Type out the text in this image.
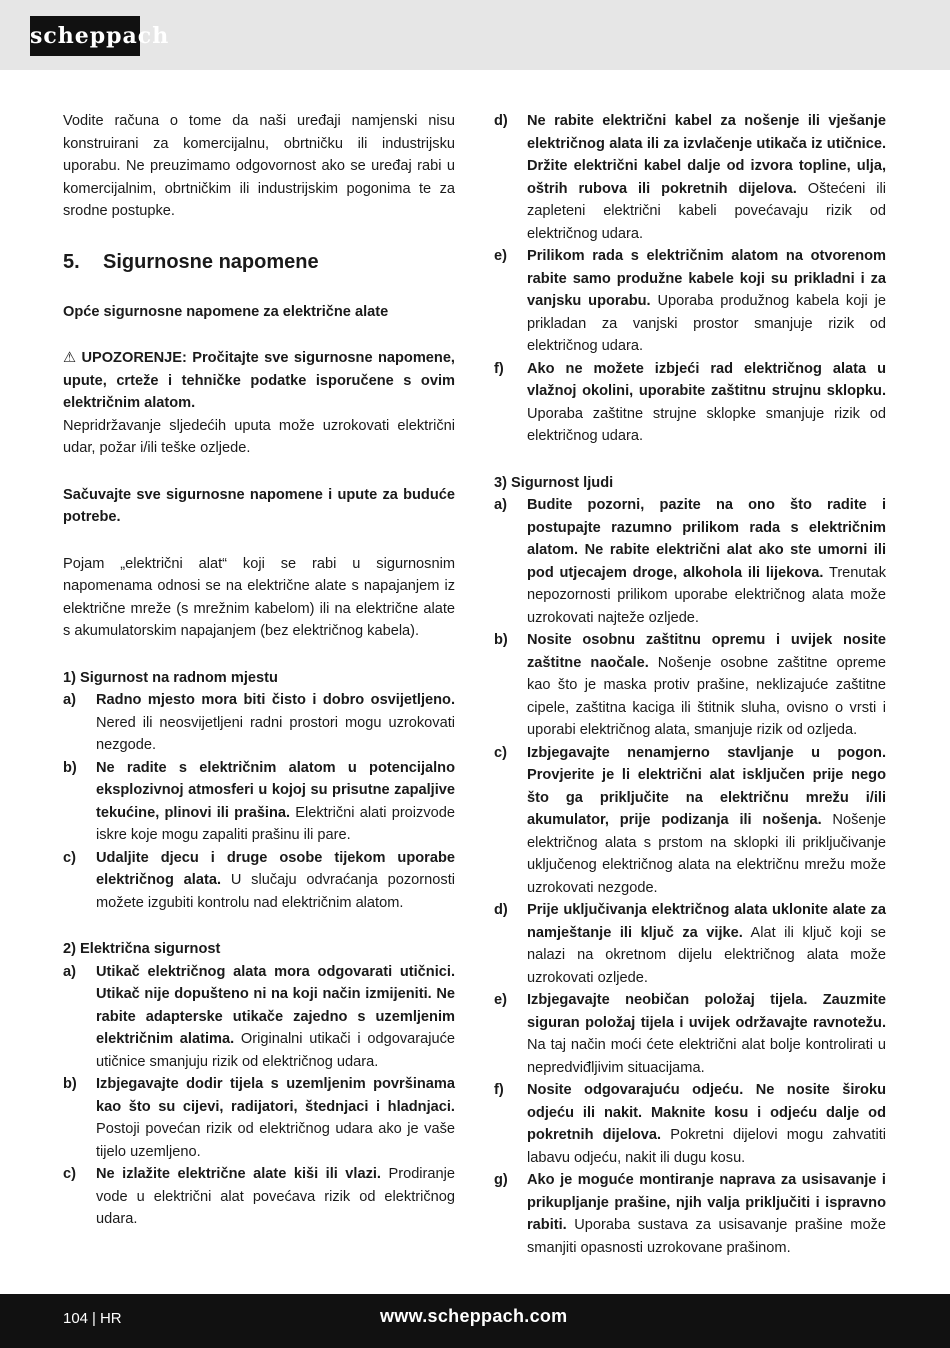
scheppach

Vodite računa o tome da naši uređaji namjenski nisu konstruirani za komercijalnu, obrtničku ili industrijsku uporabu. Ne preuzimamo odgovornost ako se uređaj rabi u komercijalnim, obrtničkim ili industrijskim pogonima te za srodne postupke.

5. Sigurnosne napomene

Opće sigurnosne napomene za električne alate

⚠ UPOZORENJE: Pročitajte sve sigurnosne napomene, upute, crteže i tehničke podatke isporučene s ovim električnim alatom.

Nepridržavanje sljedećih uputa može uzrokovati električni udar, požar i/ili teške ozljede.

Sačuvajte sve sigurnosne napomene i upute za buduće potrebe.

Pojam „električni alat“ koji se rabi u sigurnosnim napomenama odnosi se na električne alate s napajanjem iz električne mreže (s mrežnim kabelom) ili na električne alate s akumulatorskim napajanjem (bez električnog kabela).

1) Sigurnost na radnom mjestu

a)	Radno mjesto mora biti čisto i dobro osvijetljeno. Nered ili neosvijetljeni radni prostori mogu uzrokovati nezgode.
b)	Ne radite s električnim alatom u potencijalno eksplozivnoj atmosferi u kojoj su prisutne zapaljive tekućine, plinovi ili prašina. Električni alati proizvode iskre koje mogu zapaliti prašinu ili pare.
c)	Udaljite djecu i druge osobe tijekom uporabe električnog alata. U slučaju odvraćanja pozornosti možete izgubiti kontrolu nad električnim alatom.

2) Električna sigurnost

a)	Utikač električnog alata mora odgovarati utičnici. Utikač nije dopušteno ni na koji način izmijeniti. Ne rabite adapterske utikače zajedno s uzemljenim električnim alatima. Originalni utikači i odgovarajuće utičnice smanjuju rizik od električnog udara.
b)	Izbjegavajte dodir tijela s uzemljenim površinama kao što su cijevi, radijatori, štednjaci i hladnjaci. Postoji povećan rizik od električnog udara ako je vaše tijelo uzemljeno.
c)	Ne izlažite električne alate kiši ili vlazi. Prodiranje vode u električni alat povećava rizik od električnog udara.
d)	Ne rabite električni kabel za nošenje ili vješanje električnog alata ili za izvlačenje utikača iz utičnice. Držite električni kabel dalje od izvora topline, ulja, oštrih rubova ili pokretnih dijelova. Oštećeni ili zapleteni električni kabeli povećavaju rizik od električnog udara.
e)	Prilikom rada s električnim alatom na otvorenom rabite samo produžne kabele koji su prikladni i za vanjsku uporabu. Uporaba produžnog kabela koji je prikladan za vanjski prostor smanjuje rizik od električnog udara.
f)	Ako ne možete izbjeći rad električnog alata u vlažnoj okolini, uporabite zaštitnu strujnu sklopku. Uporaba zaštitne strujne sklopke smanjuje rizik od električnog udara.

3) Sigurnost ljudi

a)	Budite pozorni, pazite na ono što radite i postupajte razumno prilikom rada s električnim alatom. Ne rabite električni alat ako ste umorni ili pod utjecajem droge, alkohola ili lijekova. Trenutak nepozornosti prilikom uporabe električnog alata može uzrokovati najteže ozljede.
b)	Nosite osobnu zaštitnu opremu i uvijek nosite zaštitne naočale. Nošenje osobne zaštitne opreme kao što je maska protiv prašine, neklizajuće zaštitne cipele, zaštitna kaciga ili štitnik sluha, ovisno o vrsti i uporabi električnog alata, smanjuje rizik od ozljeda.
c)	Izbjegavajte nenamjerno stavljanje u pogon. Provjerite je li električni alat isključen prije nego što ga priključite na električnu mrežu i/ili akumulator, prije podizanja ili nošenja. Nošenje električnog alata s prstom na sklopki ili priključivanje uključenog električnog alata na električnu mrežu može uzrokovati nezgode.
d)	Prije uključivanja električnog alata uklonite alate za namještanje ili ključ za vijke. Alat ili ključ koji se nalazi na okretnom dijelu električnog alata može uzrokovati ozljede.
e)	Izbjegavajte neobičan položaj tijela. Zauzmite siguran položaj tijela i uvijek održavajte ravnotežu. Na taj način moći ćete električni alat bolje kontrolirati u nepredviđljivim situacijama.
f)	Nosite odgovarajuću odjeću. Ne nosite široku odjeću ili nakit. Maknite kosu i odjeću dalje od pokretnih dijelova. Pokretni dijelovi mogu zahvatiti labavu odjeću, nakit ili dugu kosu.
g)	Ako je moguće montiranje naprava za usisavanje i prikupljanje prašine, njih valja priključiti i ispravno rabiti. Uporaba sustava za usisavanje prašine može smanjiti opasnosti uzrokovane prašinom.
104 | HR	www.scheppach.com
